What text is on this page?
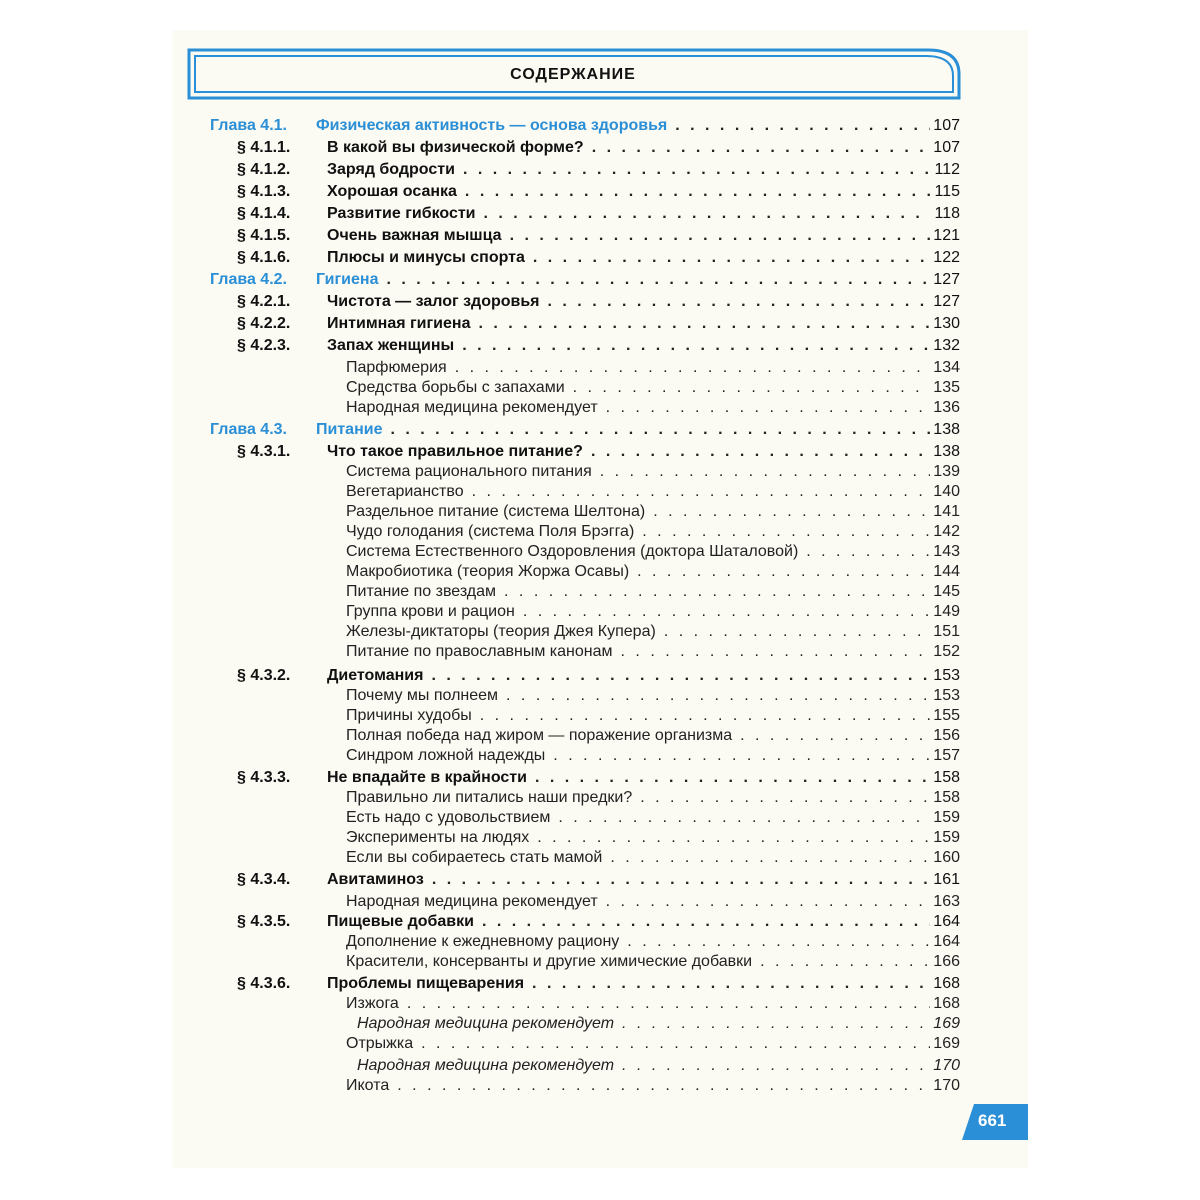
СОДЕРЖАНИЕ
Глава 4.1. Физическая активность — основа здоровья . . .	107
§ 4.1.1. В какой вы физической форме? . . .	107
§ 4.1.2. Заряд бодрости . . .	112
§ 4.1.3. Хорошая осанка . . .	115
§ 4.1.4. Развитие гибкости . . .	118
§ 4.1.5. Очень важная мышца . . .	121
§ 4.1.6. Плюсы и минусы спорта . . .	122
Глава 4.2. Гигиена . . .	127
§ 4.2.1. Чистота — залог здоровья . . .	127
§ 4.2.2. Интимная гигиена . . .	130
§ 4.2.3. Запах женщины . . .	132
Парфюмерия . . .	134
Средства борьбы с запахами . . .	135
Народная медицина рекомендует . . .	136
Глава 4.3. Питание . . .	138
§ 4.3.1. Что такое правильное питание? . . .	138
Система рационального питания . . .	139
Вегетарианство . . .	140
Раздельное питание (система Шелтона) . . .	141
Чудо голодания (система Поля Брэгга) . . .	142
Система Естественного Оздоровления (доктора Шаталовой) . . .	143
Макробиотика (теория Жоржа Осавы) . . .	144
Питание по звездам . . .	145
Группа крови и рацион . . .	149
Железы-диктаторы (теория Джея Купера) . . .	151
Питание по православным канонам . . .	152
§ 4.3.2. Диетомания . . .	153
Почему мы полнеем . . .	153
Причины худобы . . .	155
Полная победа над жиром — поражение организма . . .	156
Синдром ложной надежды . . .	157
§ 4.3.3. Не впадайте в крайности . . .	158
Правильно ли питались наши предки? . . .	158
Есть надо с удовольствием . . .	159
Эксперименты на людях . . .	159
Если вы собираетесь стать мамой . . .	160
§ 4.3.4. Авитаминоз . . .	161
Народная медицина рекомендует . . .	163
§ 4.3.5. Пищевые добавки . . .	164
Дополнение к ежедневному рациону . . .	164
Красители, консерванты и другие химические добавки . . .	166
§ 4.3.6. Проблемы пищеварения . . .	168
Изжога . . .	168
Народная медицина рекомендует . . .	169
Отрыжка . . .	169
Народная медицина рекомендует . . .	170
Икота . . .	170
661
